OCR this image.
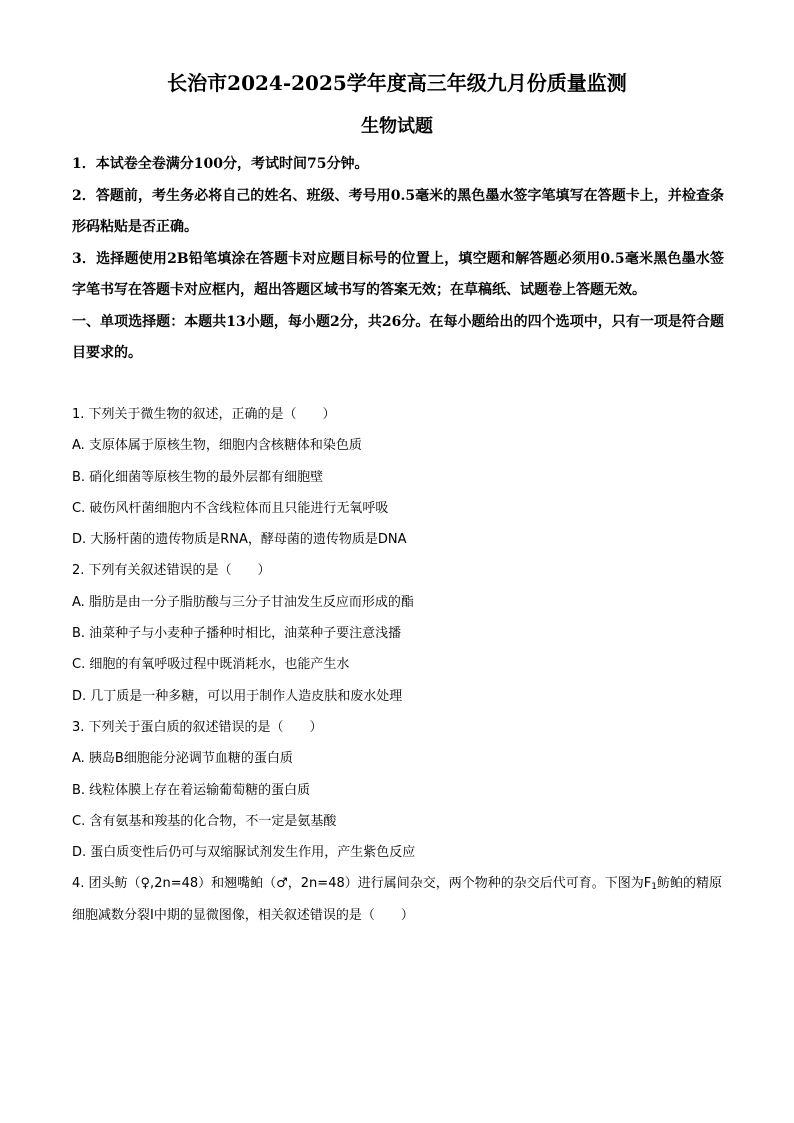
长治市2024-2025学年度高三年级九月份质量监测
生物试题

1．本试卷全卷满分100分，考试时间75分钟。

2．答题前，考生务必将自己的姓名、班级、考号用0.5毫米的黑色墨水签字笔填写在答题卡上，并检查条形码粘贴是否正确。

3．选择题使用2B铅笔填涂在答题卡对应题目标号的位置上，填空题和解答题必须用0.5毫米黑色墨水签字笔书写在答题卡对应框内，超出答题区域书写的答案无效；在草稿纸、试题卷上答题无效。

一、单项选择题：本题共13小题，每小题2分，共26分。在每小题给出的四个选项中，只有一项是符合题目要求的。

1. 下列关于微生物的叙述，正确的是（　　）
A. 支原体属于原核生物，细胞内含核糖体和染色质
B. 硝化细菌等原核生物的最外层都有细胞壁
C. 破伤风杆菌细胞内不含线粒体而且只能进行无氧呼吸
D. 大肠杆菌的遗传物质是RNA，酵母菌的遗传物质是DNA
2. 下列有关叙述错误的是（　　）
A. 脂肪是由一分子脂肪酸与三分子甘油发生反应而形成的酯
B. 油菜种子与小麦种子播种时相比，油菜种子要注意浅播
C. 细胞的有氧呼吸过程中既消耗水，也能产生水
D. 几丁质是一种多糖，可以用于制作人造皮肤和废水处理
3. 下列关于蛋白质的叙述错误的是（　　）
A. 胰岛B细胞能分泌调节血糖的蛋白质
B. 线粒体膜上存在着运输葡萄糖的蛋白质
C. 含有氨基和羧基的化合物，不一定是氨基酸
D. 蛋白质变性后仍可与双缩脲试剂发生作用，产生紫色反应
4. 团头鲂（♀,2n=48）和翘嘴鲌（♂，2n=48）进行属间杂交，两个物种的杂交后代可育。下图为$F_1$鲂鲌的精原细胞减数分裂Ⅰ中期的显微图像，相关叙述错误的是（　　）
